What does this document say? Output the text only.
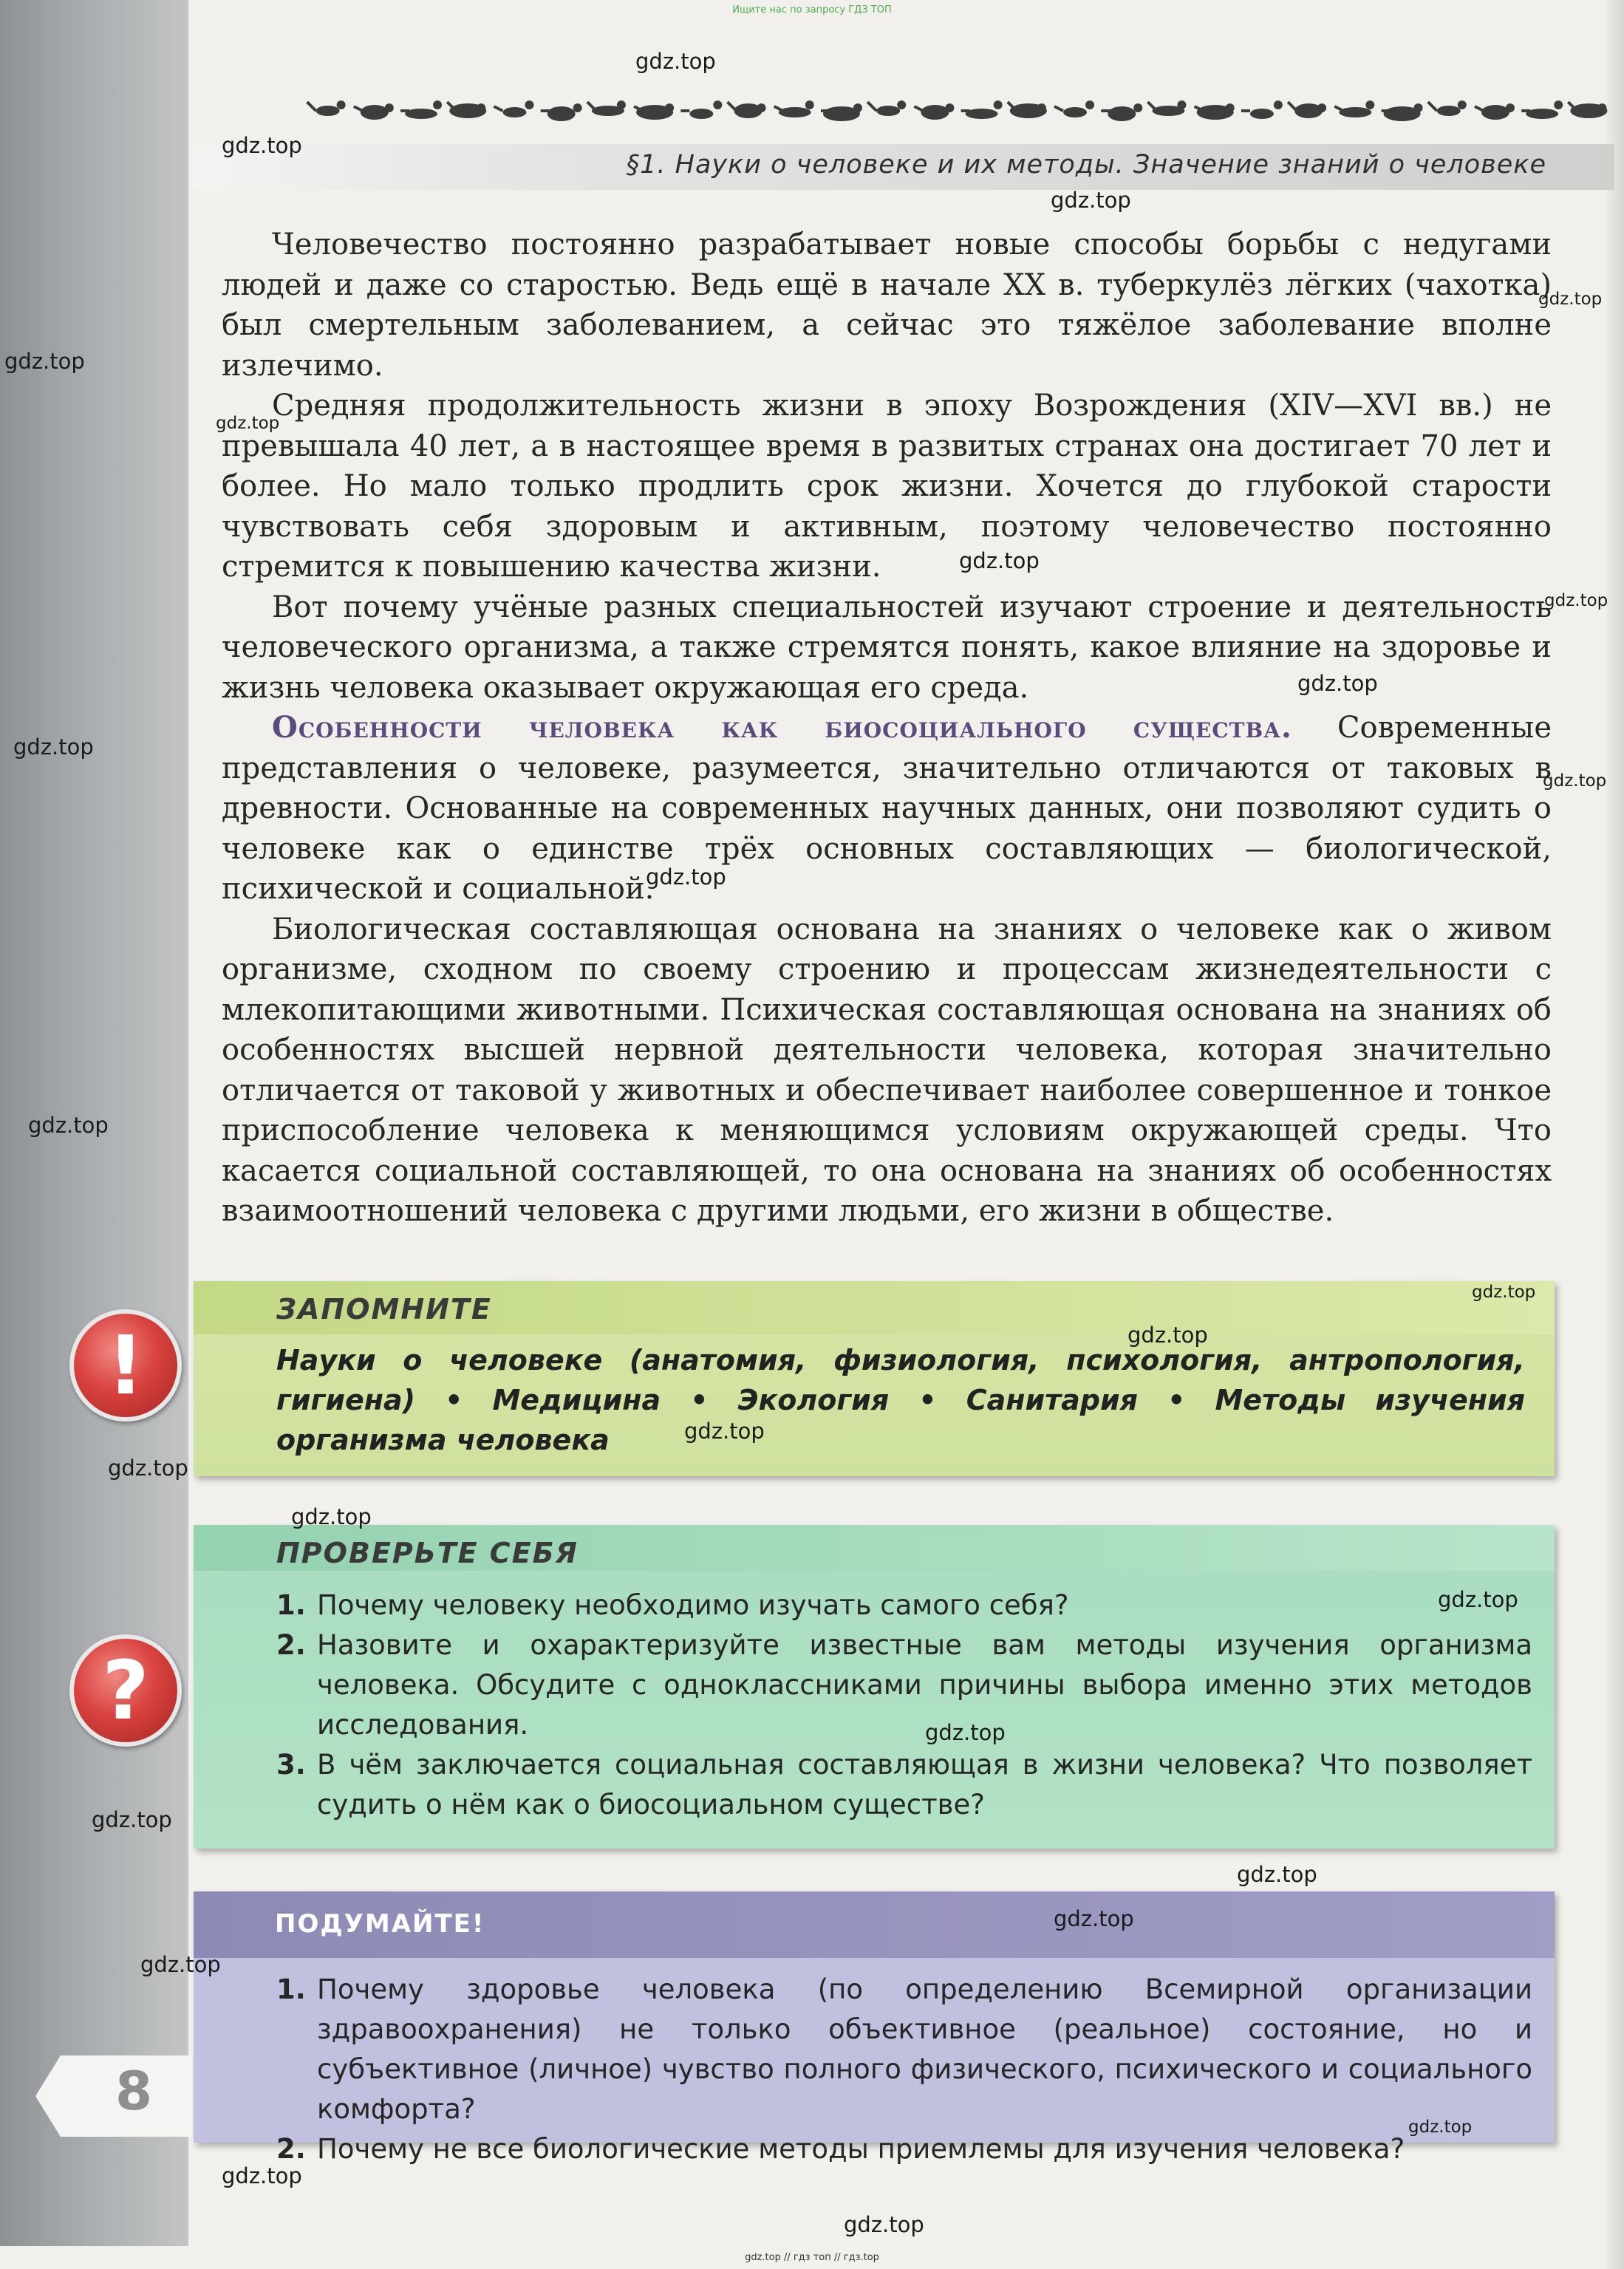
Ищите нас по запросу ГДЗ ТОП
§1. Науки о человеке и их методы. Значение знаний о человеке

Человечество постоянно разрабатывает новые способы борьбы с недугами людей и даже со старостью. Ведь ещё в начале XX в. туберкулёз лёгких (чахотка) был смертельным заболеванием, а сейчас это тяжёлое заболевание вполне излечимо.

Средняя продолжительность жизни в эпоху Возрождения (XIV—XVI вв.) не превышала 40 лет, а в настоящее время в развитых странах она достигает 70 лет и более. Но мало только продлить срок жизни. Хочется до глубокой старости чувствовать себя здоровым и активным, поэтому человечество постоянно стремится к повышению качества жизни.

Вот почему учёные разных специальностей изучают строение и деятельность человеческого организма, а также стремятся понять, какое влияние на здоровье и жизнь человека оказывает окружающая его среда.

Особенности человека как биосоциального существа. Современные представления о человеке, разумеется, значительно отличаются от таковых в древности. Основанные на современных научных данных, они позволяют судить о человеке как о единстве трёх основных составляющих — биологической, психической и социальной.

Биологическая составляющая основана на знаниях о человеке как о живом организме, сходном по своему строению и процессам жизнедеятельности с млекопитающими животными. Психическая составляющая основана на знаниях об особенностях высшей нервной деятельности человека, которая значительно отличается от таковой у животных и обеспечивает наиболее совершенное и тонкое приспособление человека к меняющимся условиям окружающей среды. Что касается социальной составляющей, то она основана на знаниях об особенностях взаимоотношений человека с другими людьми, его жизни в обществе.

ЗАПОМНИТЕ
Науки о человеке (анатомия, физиология, психология, антропология, гигиена) • Медицина • Экология • Санитария • Методы изучения организма человека
!
ПРОВЕРЬТЕ СЕБЯ
1. Почему человеку необходимо изучать самого себя?
2. Назовите и охарактеризуйте известные вам методы изучения организма человека. Обсудите с одноклассниками причины выбора именно этих методов исследования.
3. В чём заключается социальная составляющая в жизни человека? Что позволяет судить о нём как о биосоциальном существе?
?
ПОДУМАЙТЕ!
1. Почему здоровье человека (по определению Всемирной организации здравоохранения) не только объективное (реальное) состояние, но и субъективное (личное) чувство полного физического, психического и социального комфорта?
2. Почему не все биологические методы приемлемы для изучения человека?
8
gdz.top
gdz.top
gdz.top
gdz.top
gdz.top
gdz.top
gdz.top
gdz.top
gdz.top
gdz.top
gdz.top
gdz.top
gdz.top
gdz.top
gdz.top
gdz.top
gdz.top
gdz.top
gdz.top
gdz.top
gdz.top
gdz.top
gdz.top
gdz.top
gdz.top
gdz.top
gdz.top
gdz.top // гдз топ // гдз.top
